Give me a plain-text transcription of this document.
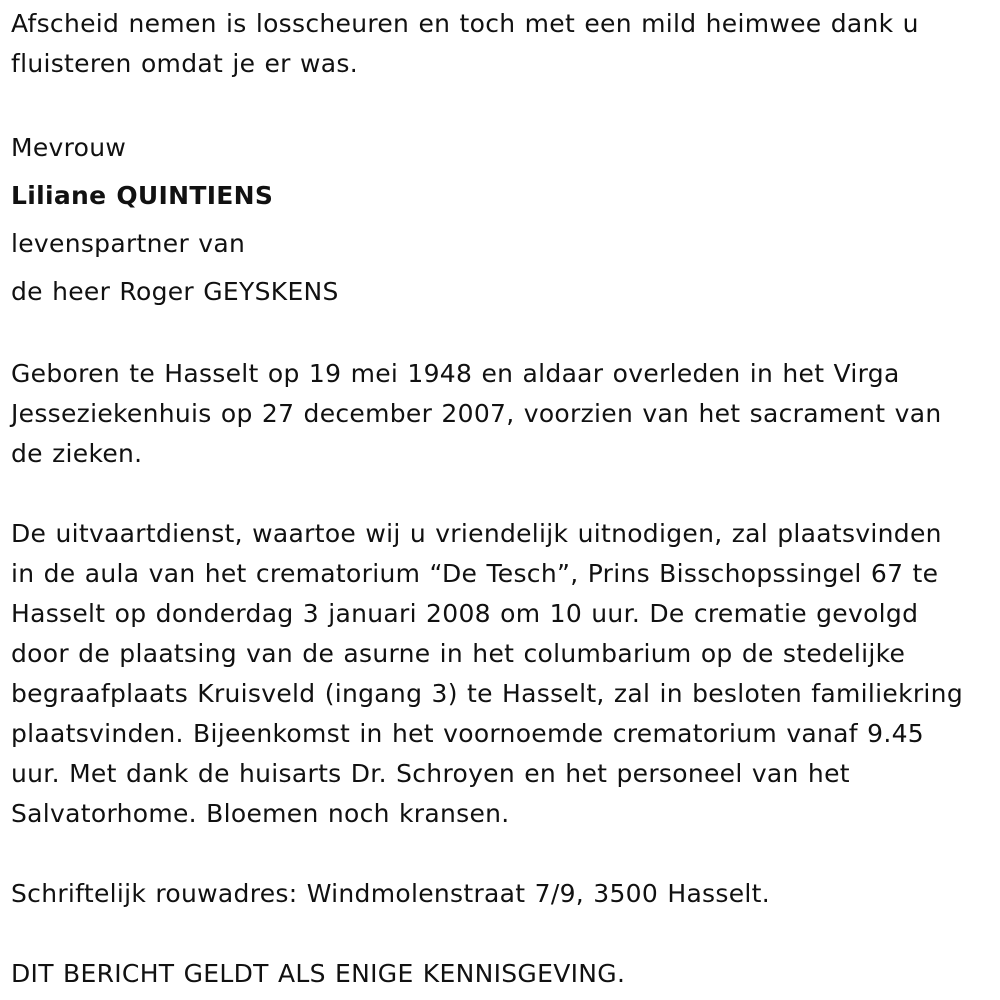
Afscheid nemen is losscheuren en toch met een mild heimwee dank u

fluisteren omdat je er was.

Mevrouw

Liliane QUINTIENS

levenspartner van

de heer Roger GEYSKENS

Geboren te Hasselt op 19 mei 1948 en aldaar overleden in het Virga

Jesseziekenhuis op 27 december 2007, voorzien van het sacrament van

de zieken.

De uitvaartdienst, waartoe wij u vriendelijk uitnodigen, zal plaatsvinden

in de aula van het crematorium “De Tesch”, Prins Bisschopssingel 67 te

Hasselt op donderdag 3 januari 2008 om 10 uur. De crematie gevolgd

door de plaatsing van de asurne in het columbarium op de stedelijke

begraafplaats Kruisveld (ingang 3) te Hasselt, zal in besloten familiekring

plaatsvinden. Bijeenkomst in het voornoemde crematorium vanaf 9.45

uur. Met dank de huisarts Dr. Schroyen en het personeel van het

Salvatorhome. Bloemen noch kransen.

Schriftelijk rouwadres: Windmolenstraat 7/9, 3500 Hasselt.

DIT BERICHT GELDT ALS ENIGE KENNISGEVING.
